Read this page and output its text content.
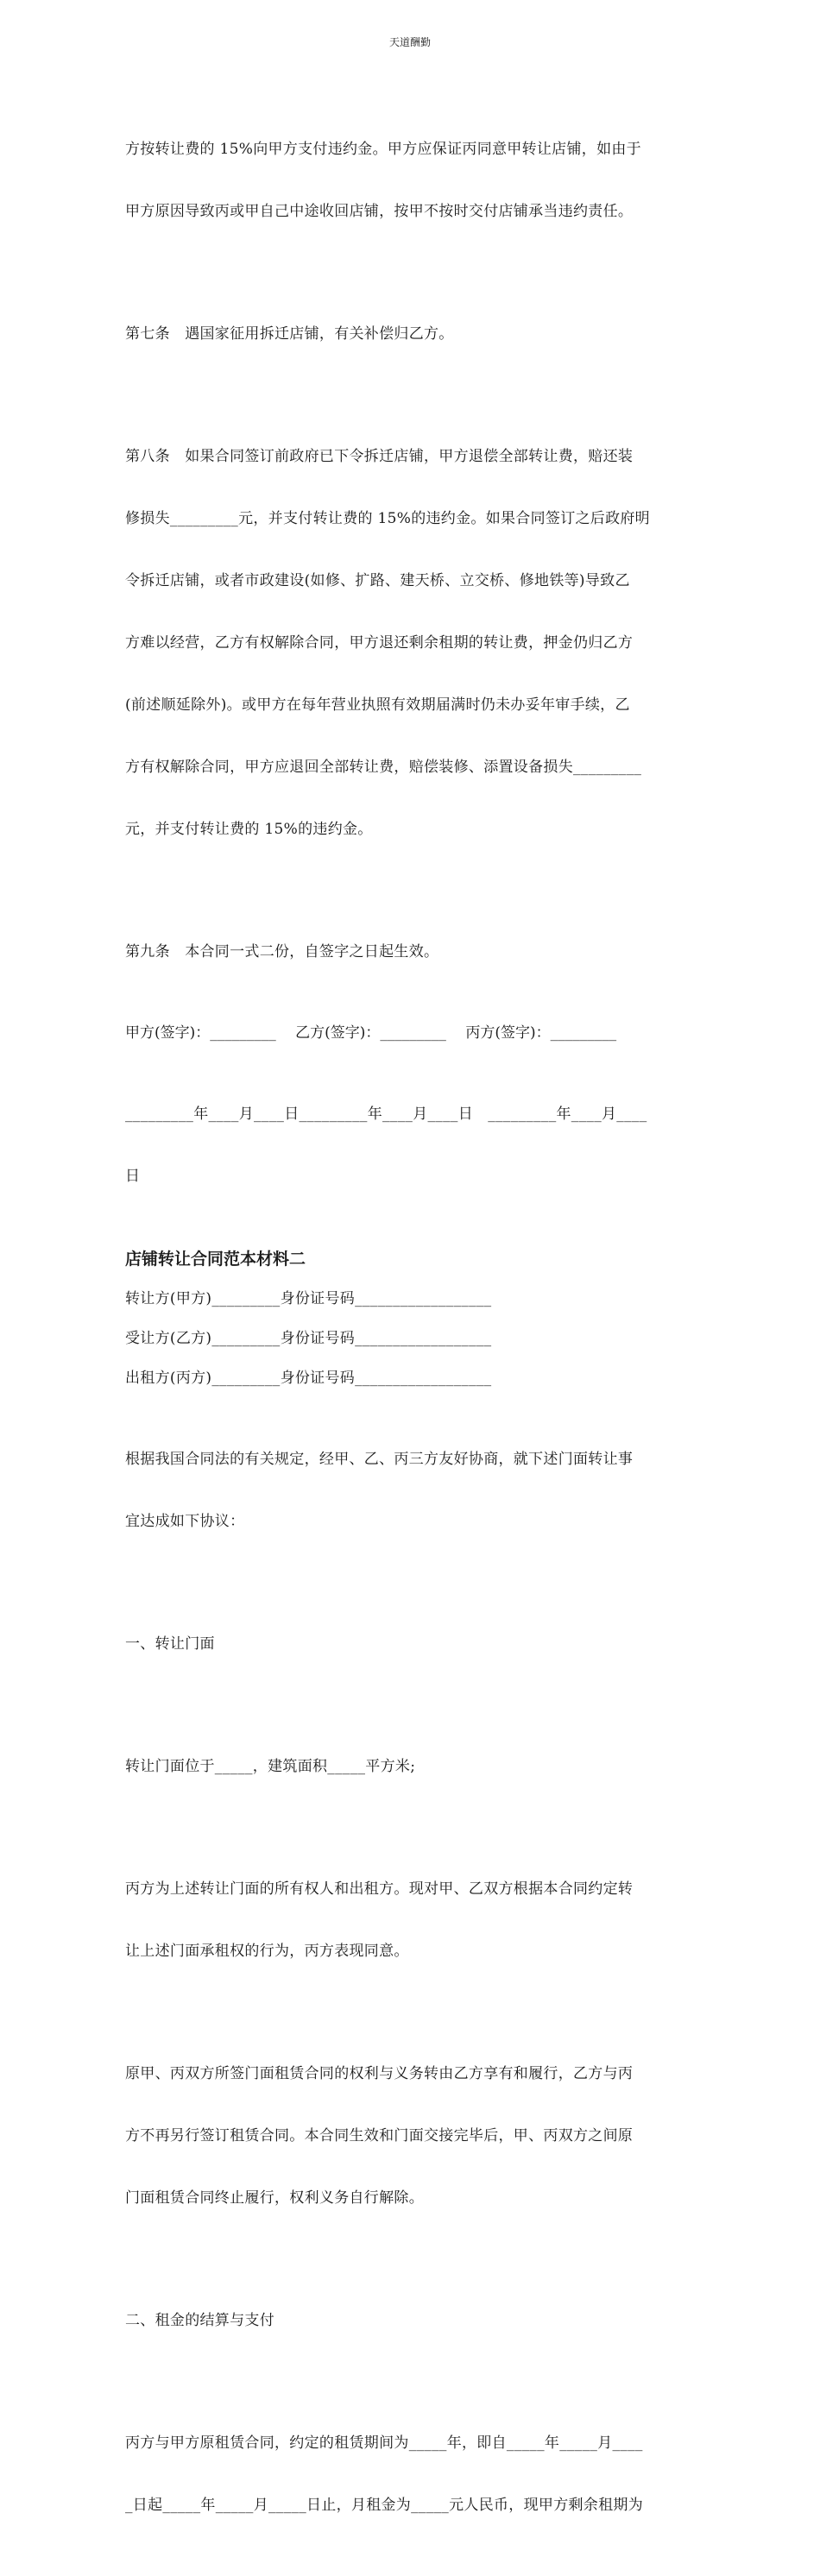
天道酬勤

方按转让费的 15%向甲方支付违约金。甲方应保证丙同意甲转让店铺，如由于

甲方原因导致丙或甲自己中途收回店铺，按甲不按时交付店铺承当违约责任。

第七条　遇国家征用拆迁店铺，有关补偿归乙方。

第八条　如果合同签订前政府已下令拆迁店铺，甲方退偿全部转让费，赔还装

修损失_________元，并支付转让费的 15%的违约金。如果合同签订之后政府明

令拆迁店铺，或者市政建设(如修、扩路、建天桥、立交桥、修地铁等)导致乙

方难以经营，乙方有权解除合同，甲方退还剩余租期的转让费，押金仍归乙方

(前述顺延除外)。或甲方在每年营业执照有效期届满时仍未办妥年审手续，乙

方有权解除合同，甲方应退回全部转让费，赔偿装修、添置设备损失_________

元，并支付转让费的 15%的违约金。

第九条　本合同一式二份，自签字之日起生效。

甲方(签字)：_________　 乙方(签字)：_________　 丙方(签字)：_________

_________年____月____日_________年____月____日　_________年____月____

日

店铺转让合同范本材料二
转让方(甲方)_________身份证号码__________________
受让方(乙方)_________身份证号码__________________
出租方(丙方)_________身份证号码__________________

根据我国合同法的有关规定，经甲、乙、丙三方友好协商，就下述门面转让事

宜达成如下协议：

一、转让门面

转让门面位于_____，建筑面积_____平方米;

丙方为上述转让门面的所有权人和出租方。现对甲、乙双方根据本合同约定转

让上述门面承租权的行为，丙方表现同意。

原甲、丙双方所签门面租赁合同的权利与义务转由乙方享有和履行，乙方与丙

方不再另行签订租赁合同。本合同生效和门面交接完毕后，甲、丙双方之间原

门面租赁合同终止履行，权利义务自行解除。

二、租金的结算与支付

丙方与甲方原租赁合同，约定的租赁期间为_____年，即自_____年_____月____

_日起_____年_____月_____日止，月租金为_____元人民币，现甲方剩余租期为
